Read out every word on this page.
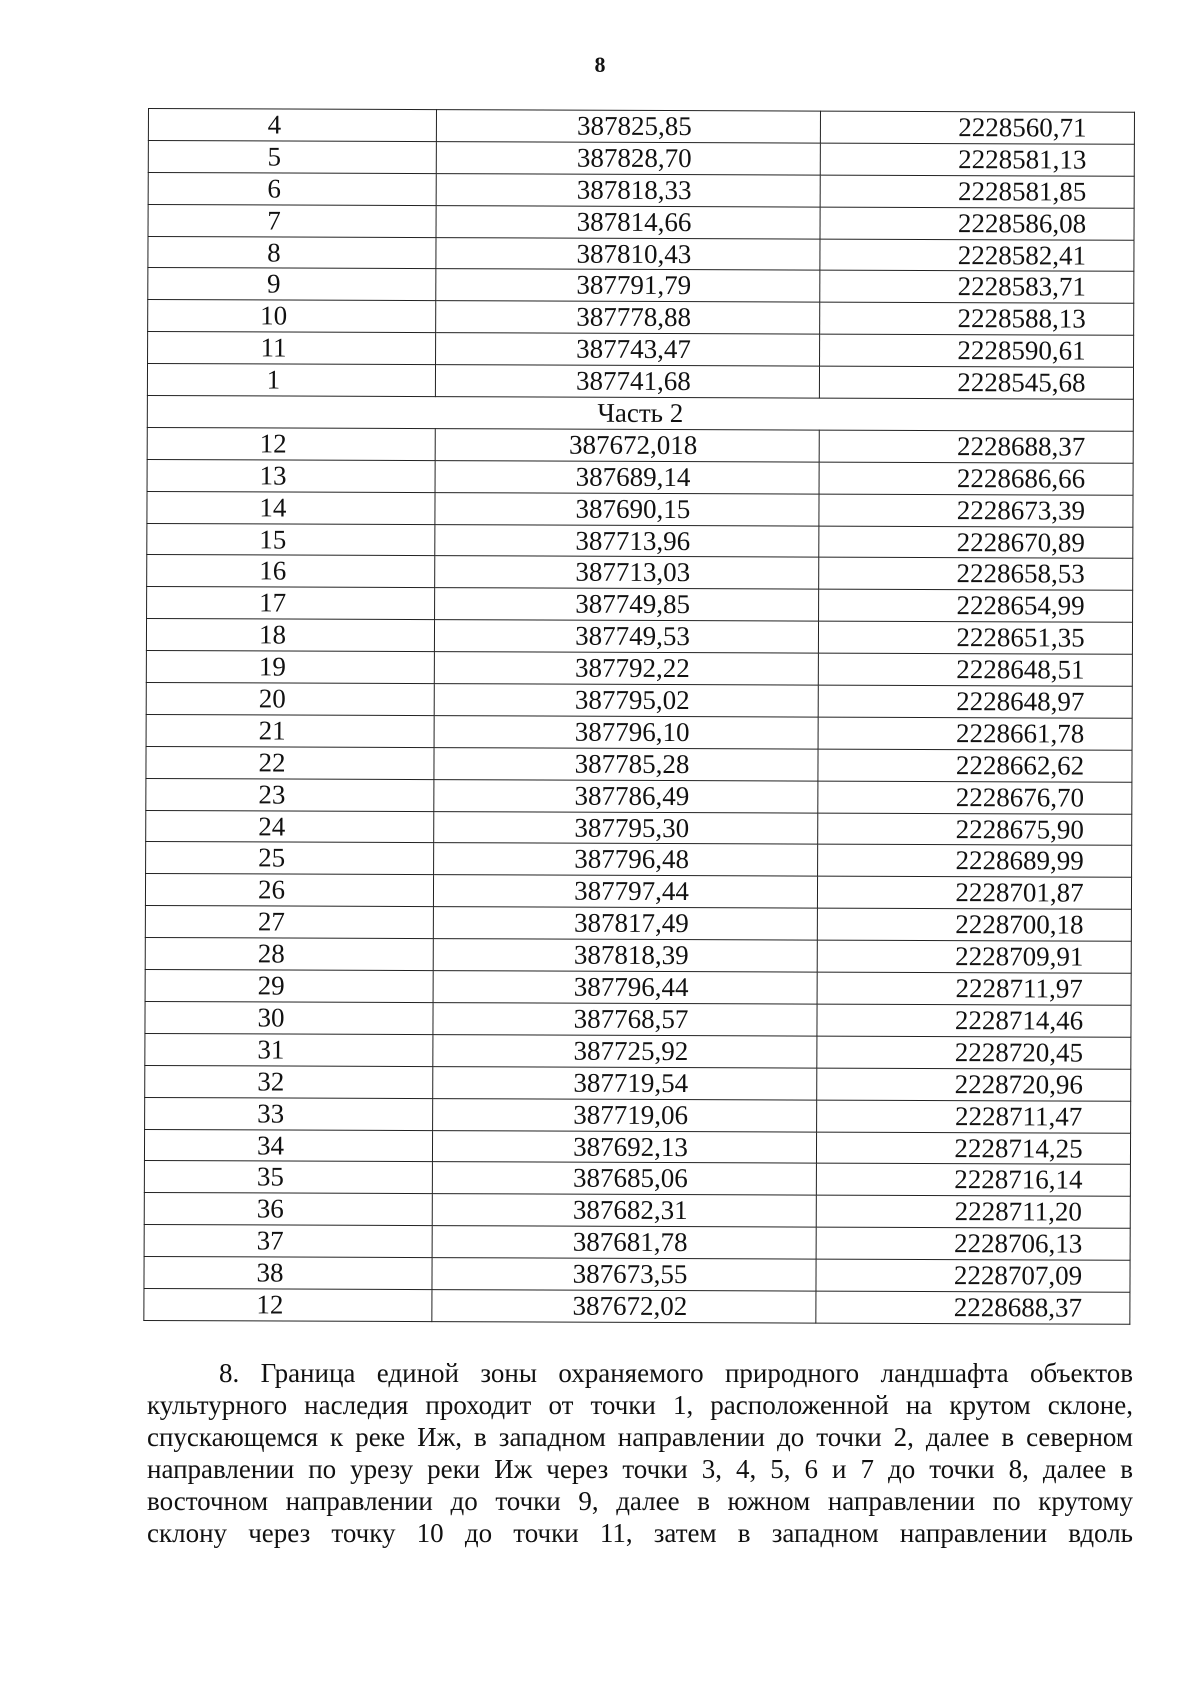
8
4	387825,85	2228560,71
5	387828,70	2228581,13
6	387818,33	2228581,85
7	387814,66	2228586,08
8	387810,43	2228582,41
9	387791,79	2228583,71
10	387778,88	2228588,13
11	387743,47	2228590,61
1	387741,68	2228545,68
Часть 2		
12	387672,018	2228688,37
13	387689,14	2228686,66
14	387690,15	2228673,39
15	387713,96	2228670,89
16	387713,03	2228658,53
17	387749,85	2228654,99
18	387749,53	2228651,35
19	387792,22	2228648,51
20	387795,02	2228648,97
21	387796,10	2228661,78
22	387785,28	2228662,62
23	387786,49	2228676,70
24	387795,30	2228675,90
25	387796,48	2228689,99
26	387797,44	2228701,87
27	387817,49	2228700,18
28	387818,39	2228709,91
29	387796,44	2228711,97
30	387768,57	2228714,46
31	387725,92	2228720,45
32	387719,54	2228720,96
33	387719,06	2228711,47
34	387692,13	2228714,25
35	387685,06	2228716,14
36	387682,31	2228711,20
37	387681,78	2228706,13
38	387673,55	2228707,09
12	387672,02	2228688,37
8. Граница единой зоны охраняемого природного ландшафта объектов
культурного наследия проходит от точки 1, расположенной на крутом склоне,
спускающемся к реке Иж, в западном направлении до точки 2, далее в северном
направлении по урезу реки Иж через точки 3, 4, 5, 6 и 7 до точки 8, далее в
восточном направлении до точки 9, далее в южном направлении по крутому
склону через точку 10 до точки 11, затем в западном направлении вдоль
